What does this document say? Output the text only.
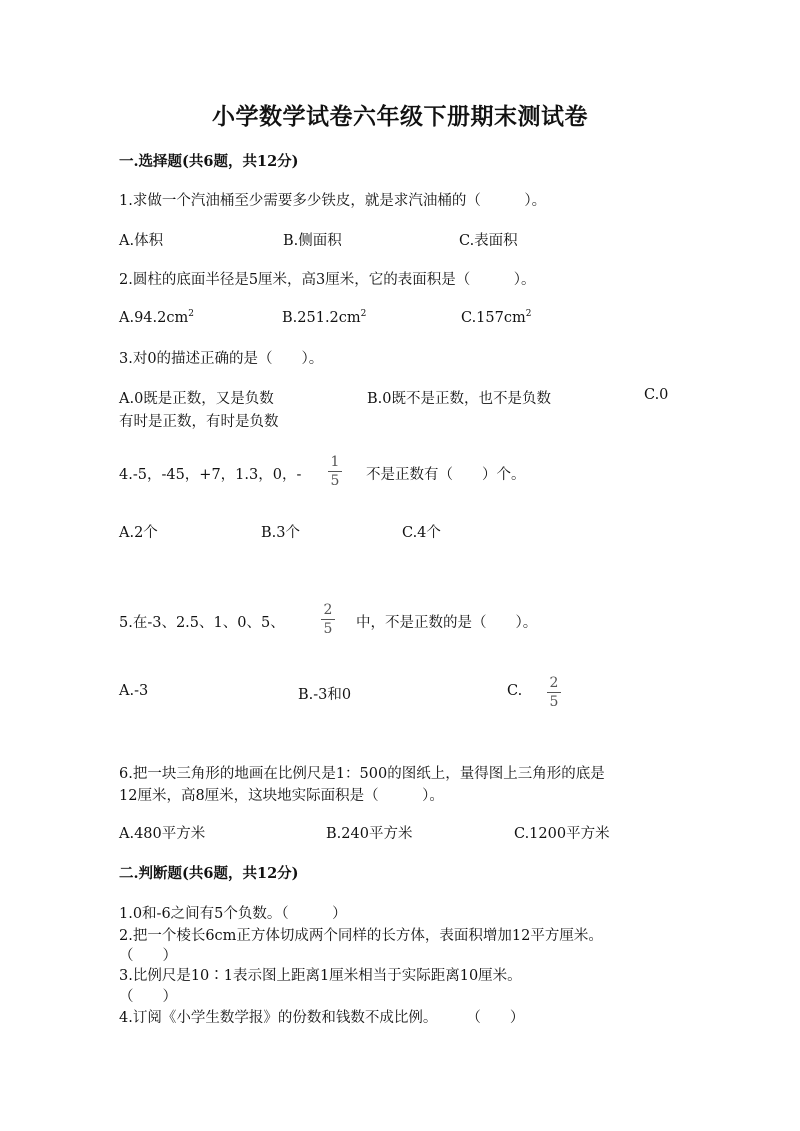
小学数学试卷六年级下册期末测试卷
一.选择题(共6题，共12分)
1.求做一个汽油桶至少需要多少铁皮，就是求汽油桶的（　　　）。
A.体积	B.侧面积	C.表面积
2.圆柱的底面半径是5厘米，高3厘米，它的表面积是（　　　）。
$A.94.2cm^2$	$B.251.2cm^2$	$C.157cm^2$
3.对0的描述正确的是（　　）。
A.0既是正数，又是负数	B.0既不是正数，也不是负数	C.0
有时是正数，有时是负数
4.-5，-45，+7，1.3，0，-
1
5 不是正数有（　　）个。
A.2个	B.3个	C.4个
5.在-3、2.5、1、0、5、
2
5 中，不是正数的是（　　）。
A.-3	B.-3和0	C. 2
5
6.把一块三角形的地画在比例尺是1：500的图纸上，量得图上三角形的底是
12厘米，高8厘米，这块地实际面积是（　　　）。
A.480平方米	B.240平方米	C.1200平方米
二.判断题(共6题，共12分)
1.0和-6之间有5个负数。（　　　）
2.把一个棱长6cm正方体切成两个同样的长方体，表面积增加12平方厘米。
（　　）
3.比例尺是10∶1表示图上距离1厘米相当于实际距离10厘米。
（　　）
4.订阅《小学生数学报》的份数和钱数不成比例。　　　（　　）
